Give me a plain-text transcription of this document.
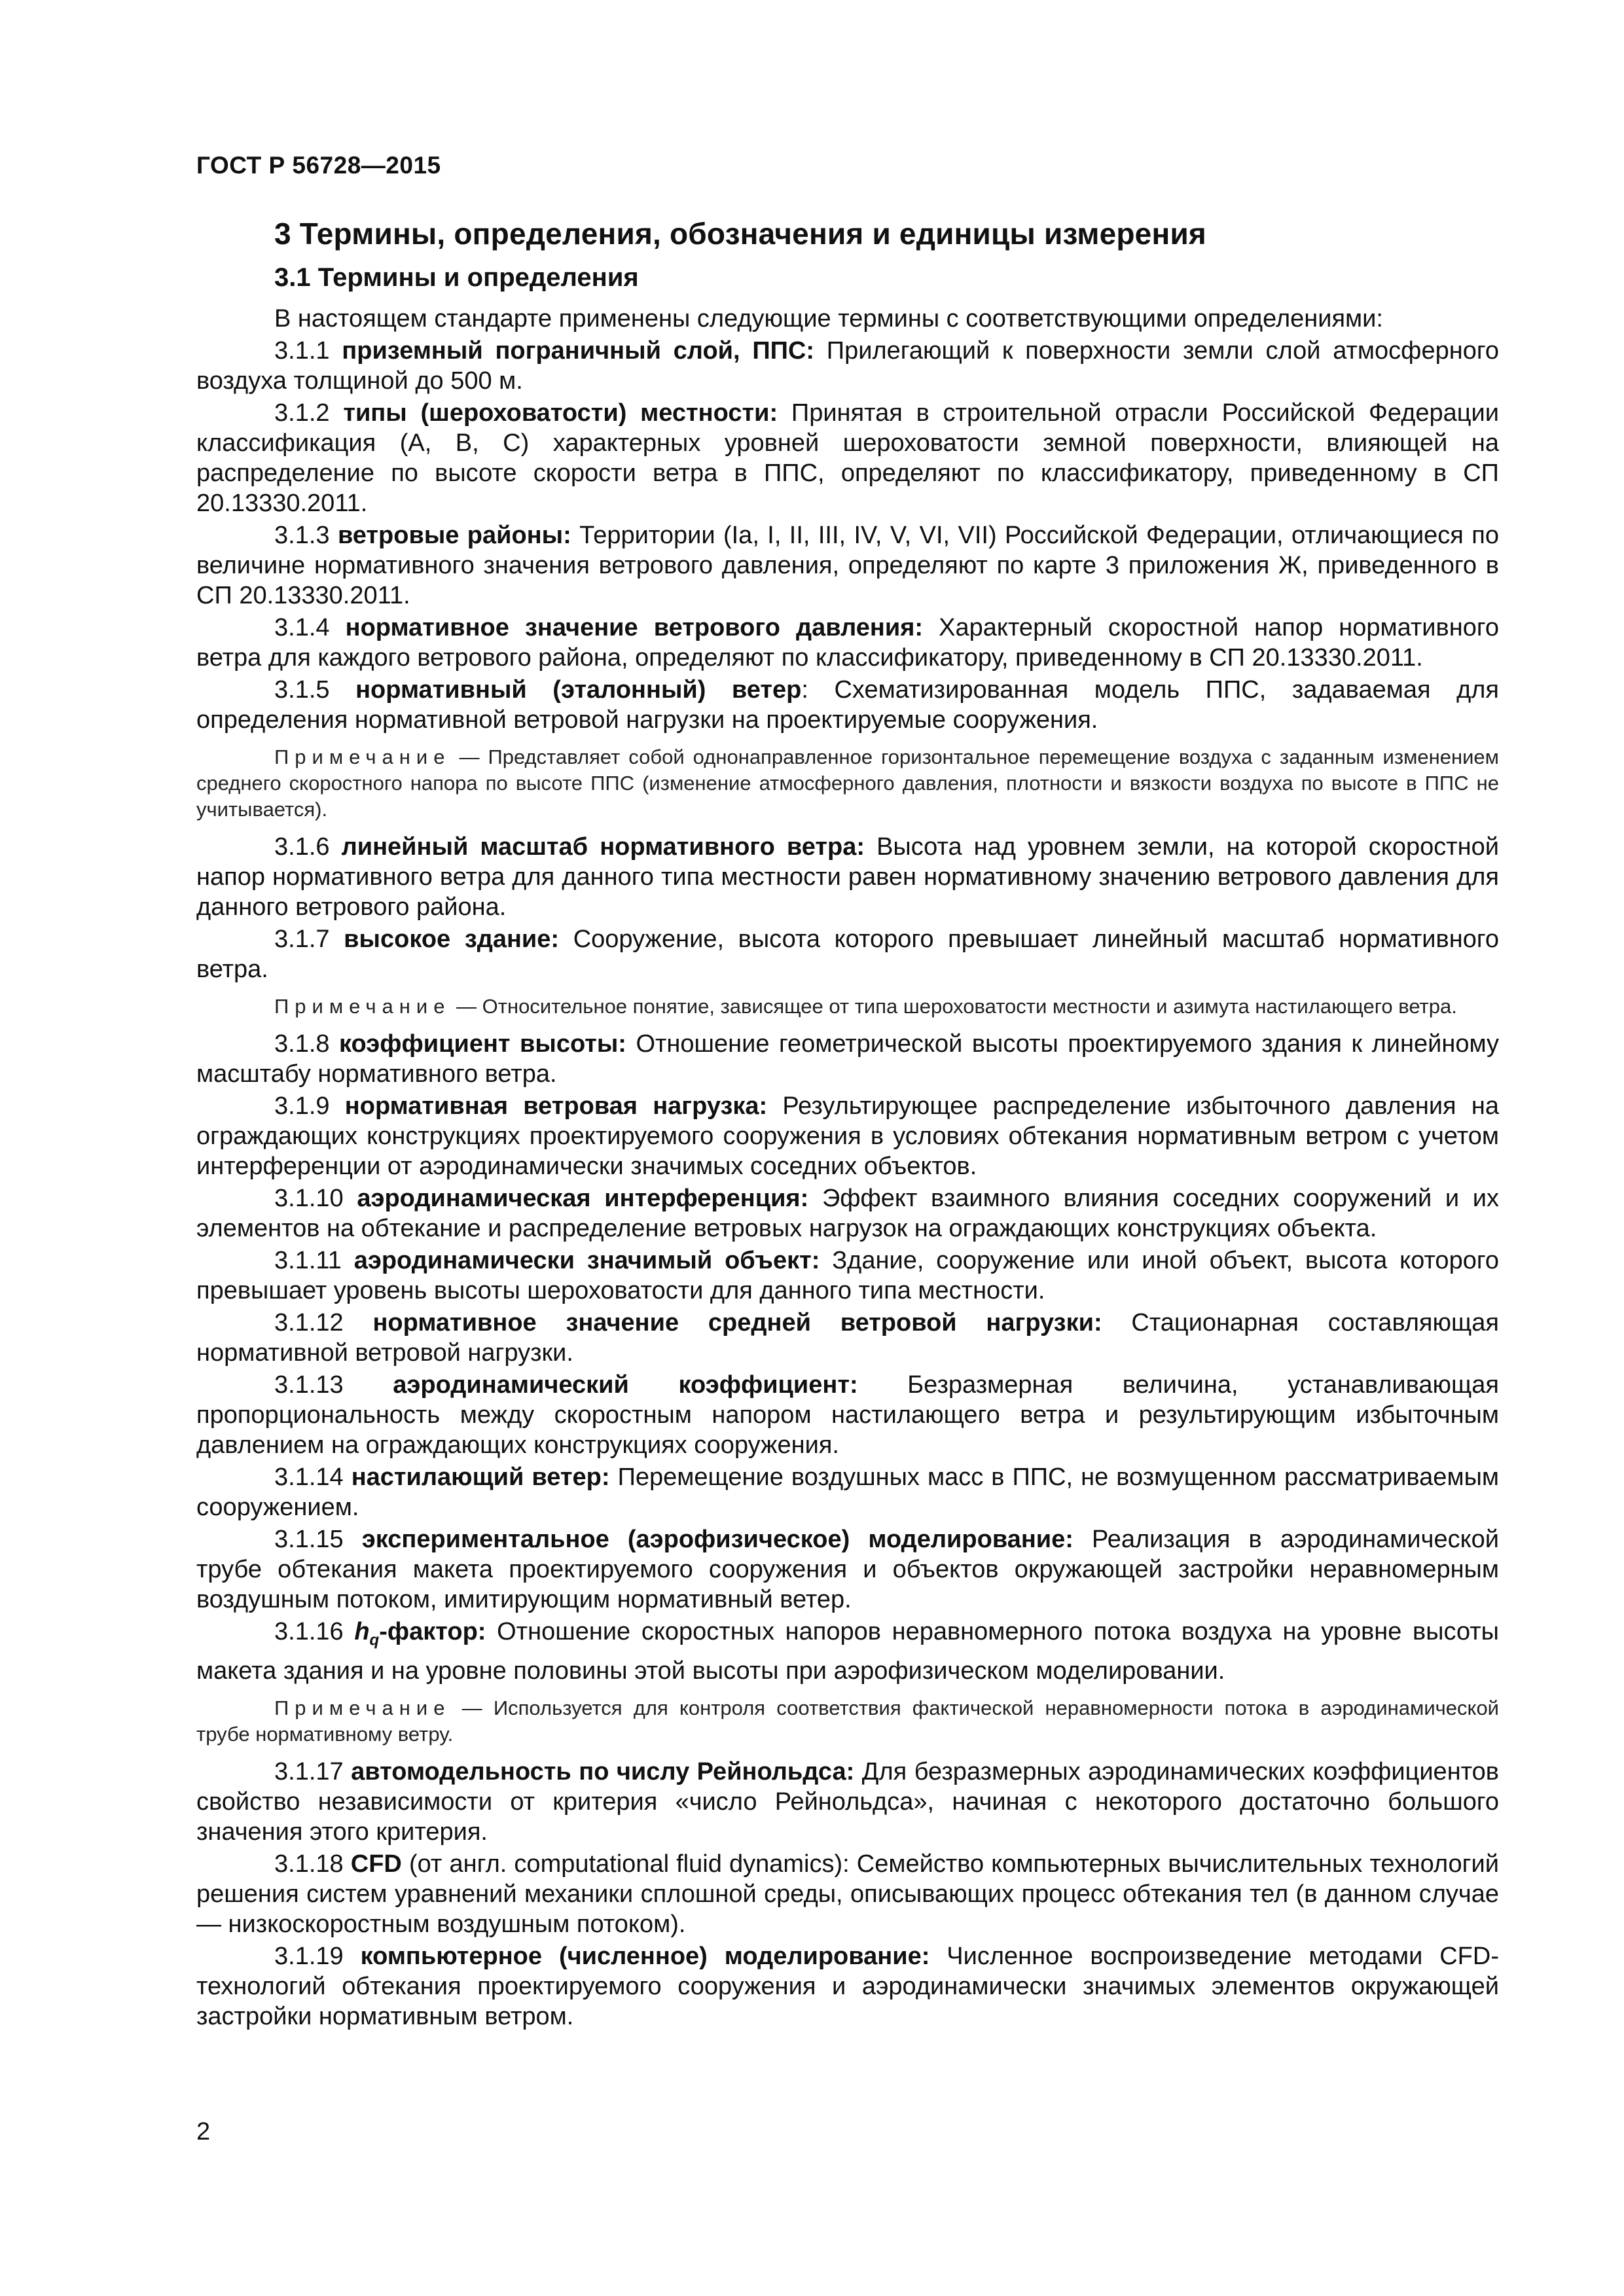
ГОСТ Р 56728—2015
3 Термины, определения, обозначения и единицы измерения
3.1 Термины и определения

В настоящем стандарте применены следующие термины с соответствующими определениями:

3.1.1 приземный пограничный слой, ППС: Прилегающий к поверхности земли слой атмосферного воздуха толщиной до 500 м.

3.1.2 типы (шероховатости) местности: Принятая в строительной отрасли Российской Федерации классификация (А, В, С) характерных уровней шероховатости земной поверхности, влияющей на распределение по высоте скорости ветра в ППС, определяют по классификатору, приведенному в СП 20.13330.2011.

3.1.3 ветровые районы: Территории (Ia, I, II, III, IV, V, VI, VII) Российской Федерации, отличающиеся по величине нормативного значения ветрового давления, определяют по карте 3 приложения Ж, приведенного в СП 20.13330.2011.

3.1.4 нормативное значение ветрового давления: Характерный скоростной напор нормативного ветра для каждого ветрового района, определяют по классификатору, приведенному в СП 20.13330.2011.

3.1.5 нормативный (эталонный) ветер: Схематизированная модель ППС, задаваемая для определения нормативной ветровой нагрузки на проектируемые сооружения.

Примечание — Представляет собой однонаправленное горизонтальное перемещение воздуха с заданным изменением среднего скоростного напора по высоте ППС (изменение атмосферного давления, плотности и вязкости воздуха по высоте в ППС не учитывается).

3.1.6 линейный масштаб нормативного ветра: Высота над уровнем земли, на которой скоростной напор нормативного ветра для данного типа местности равен нормативному значению ветрового давления для данного ветрового района.

3.1.7 высокое здание: Сооружение, высота которого превышает линейный масштаб нормативного ветра.

Примечание — Относительное понятие, зависящее от типа шероховатости местности и азимута настилающего ветра.

3.1.8 коэффициент высоты: Отношение геометрической высоты проектируемого здания к линейному масштабу нормативного ветра.

3.1.9 нормативная ветровая нагрузка: Результирующее распределение избыточного давления на ограждающих конструкциях проектируемого сооружения в условиях обтекания нормативным ветром с учетом интерференции от аэродинамически значимых соседних объектов.

3.1.10 аэродинамическая интерференция: Эффект взаимного влияния соседних сооружений и их элементов на обтекание и распределение ветровых нагрузок на ограждающих конструкциях объекта.

3.1.11 аэродинамически значимый объект: Здание, сооружение или иной объект, высота которого превышает уровень высоты шероховатости для данного типа местности.

3.1.12 нормативное значение средней ветровой нагрузки: Стационарная составляющая нормативной ветровой нагрузки.

3.1.13 аэродинамический коэффициент: Безразмерная величина, устанавливающая пропорциональность между скоростным напором настилающего ветра и результирующим избыточным давлением на ограждающих конструкциях сооружения.

3.1.14 настилающий ветер: Перемещение воздушных масс в ППС, не возмущенном рассматриваемым сооружением.

3.1.15 экспериментальное (аэрофизическое) моделирование: Реализация в аэродинамической трубе обтекания макета проектируемого сооружения и объектов окружающей застройки неравномерным воздушным потоком, имитирующим нормативный ветер.

3.1.16 $h_q$-фактор: Отношение скоростных напоров неравномерного потока воздуха на уровне высоты макета здания и на уровне половины этой высоты при аэрофизическом моделировании.

Примечание — Используется для контроля соответствия фактической неравномерности потока в аэродинамической трубе нормативному ветру.

3.1.17 автомодельность по числу Рейнольдса: Для безразмерных аэродинамических коэффициентов свойство независимости от критерия «число Рейнольдса», начиная с некоторого достаточно большого значения этого критерия.

3.1.18 CFD (от англ. computational fluid dynamics): Семейство компьютерных вычислительных технологий решения систем уравнений механики сплошной среды, описывающих процесс обтекания тел (в данном случае — низкоскоростным воздушным потоком).

3.1.19 компьютерное (численное) моделирование: Численное воспроизведение методами CFD-технологий обтекания проектируемого сооружения и аэродинамически значимых элементов окружающей застройки нормативным ветром.

2
